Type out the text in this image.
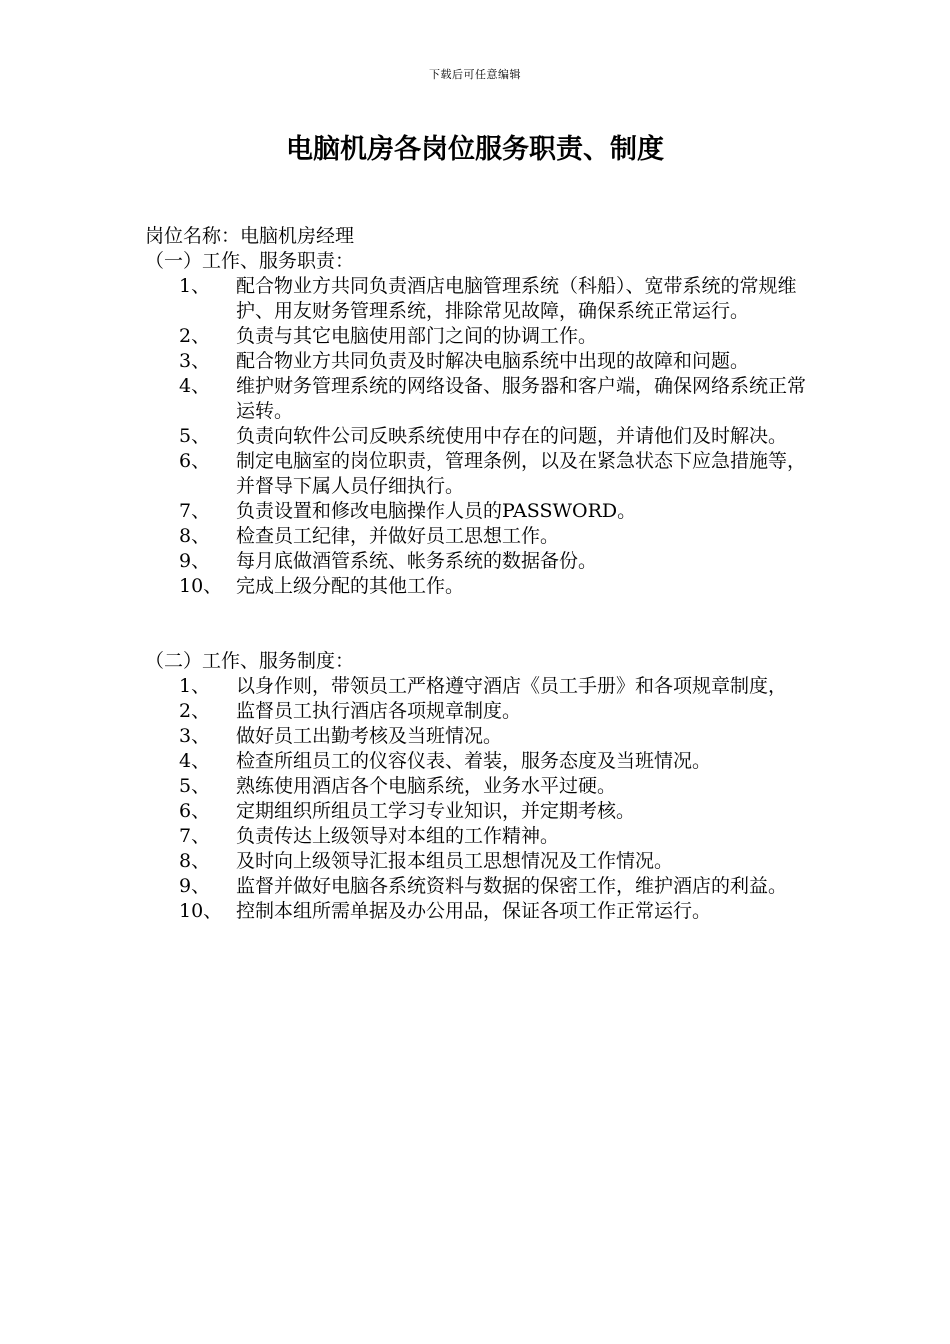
下载后可任意编辑
电脑机房各岗位服务职责、制度
岗位名称：电脑机房经理
（一）工作、服务职责：
1、	配合物业方共同负责酒店电脑管理系统（科船）、宽带系统的常规维护、用友财务管理系统，排除常见故障，确保系统正常运行。
2、	负责与其它电脑使用部门之间的协调工作。
3、	配合物业方共同负责及时解决电脑系统中出现的故障和问题。
4、	维护财务管理系统的网络设备、服务器和客户端，确保网络系统正常运转。
5、	负责向软件公司反映系统使用中存在的问题，并请他们及时解决。
6、	制定电脑室的岗位职责，管理条例，以及在紧急状态下应急措施等，并督导下属人员仔细执行。
7、	负责设置和修改电脑操作人员的PASSWORD。
8、	检查员工纪律，并做好员工思想工作。
9、	每月底做酒管系统、帐务系统的数据备份。
10、 完成上级分配的其他工作。
（二）工作、服务制度：
1、	以身作则，带领员工严格遵守酒店《员工手册》和各项规章制度，
2、	监督员工执行酒店各项规章制度。
3、	做好员工出勤考核及当班情况。
4、	检查所组员工的仪容仪表、着装，服务态度及当班情况。
5、	熟练使用酒店各个电脑系统，业务水平过硬。
6、	定期组织所组员工学习专业知识，并定期考核。
7、	负责传达上级领导对本组的工作精神。
8、	及时向上级领导汇报本组员工思想情况及工作情况。
9、	监督并做好电脑各系统资料与数据的保密工作，维护酒店的利益。
10、 控制本组所需单据及办公用品，保证各项工作正常运行。
